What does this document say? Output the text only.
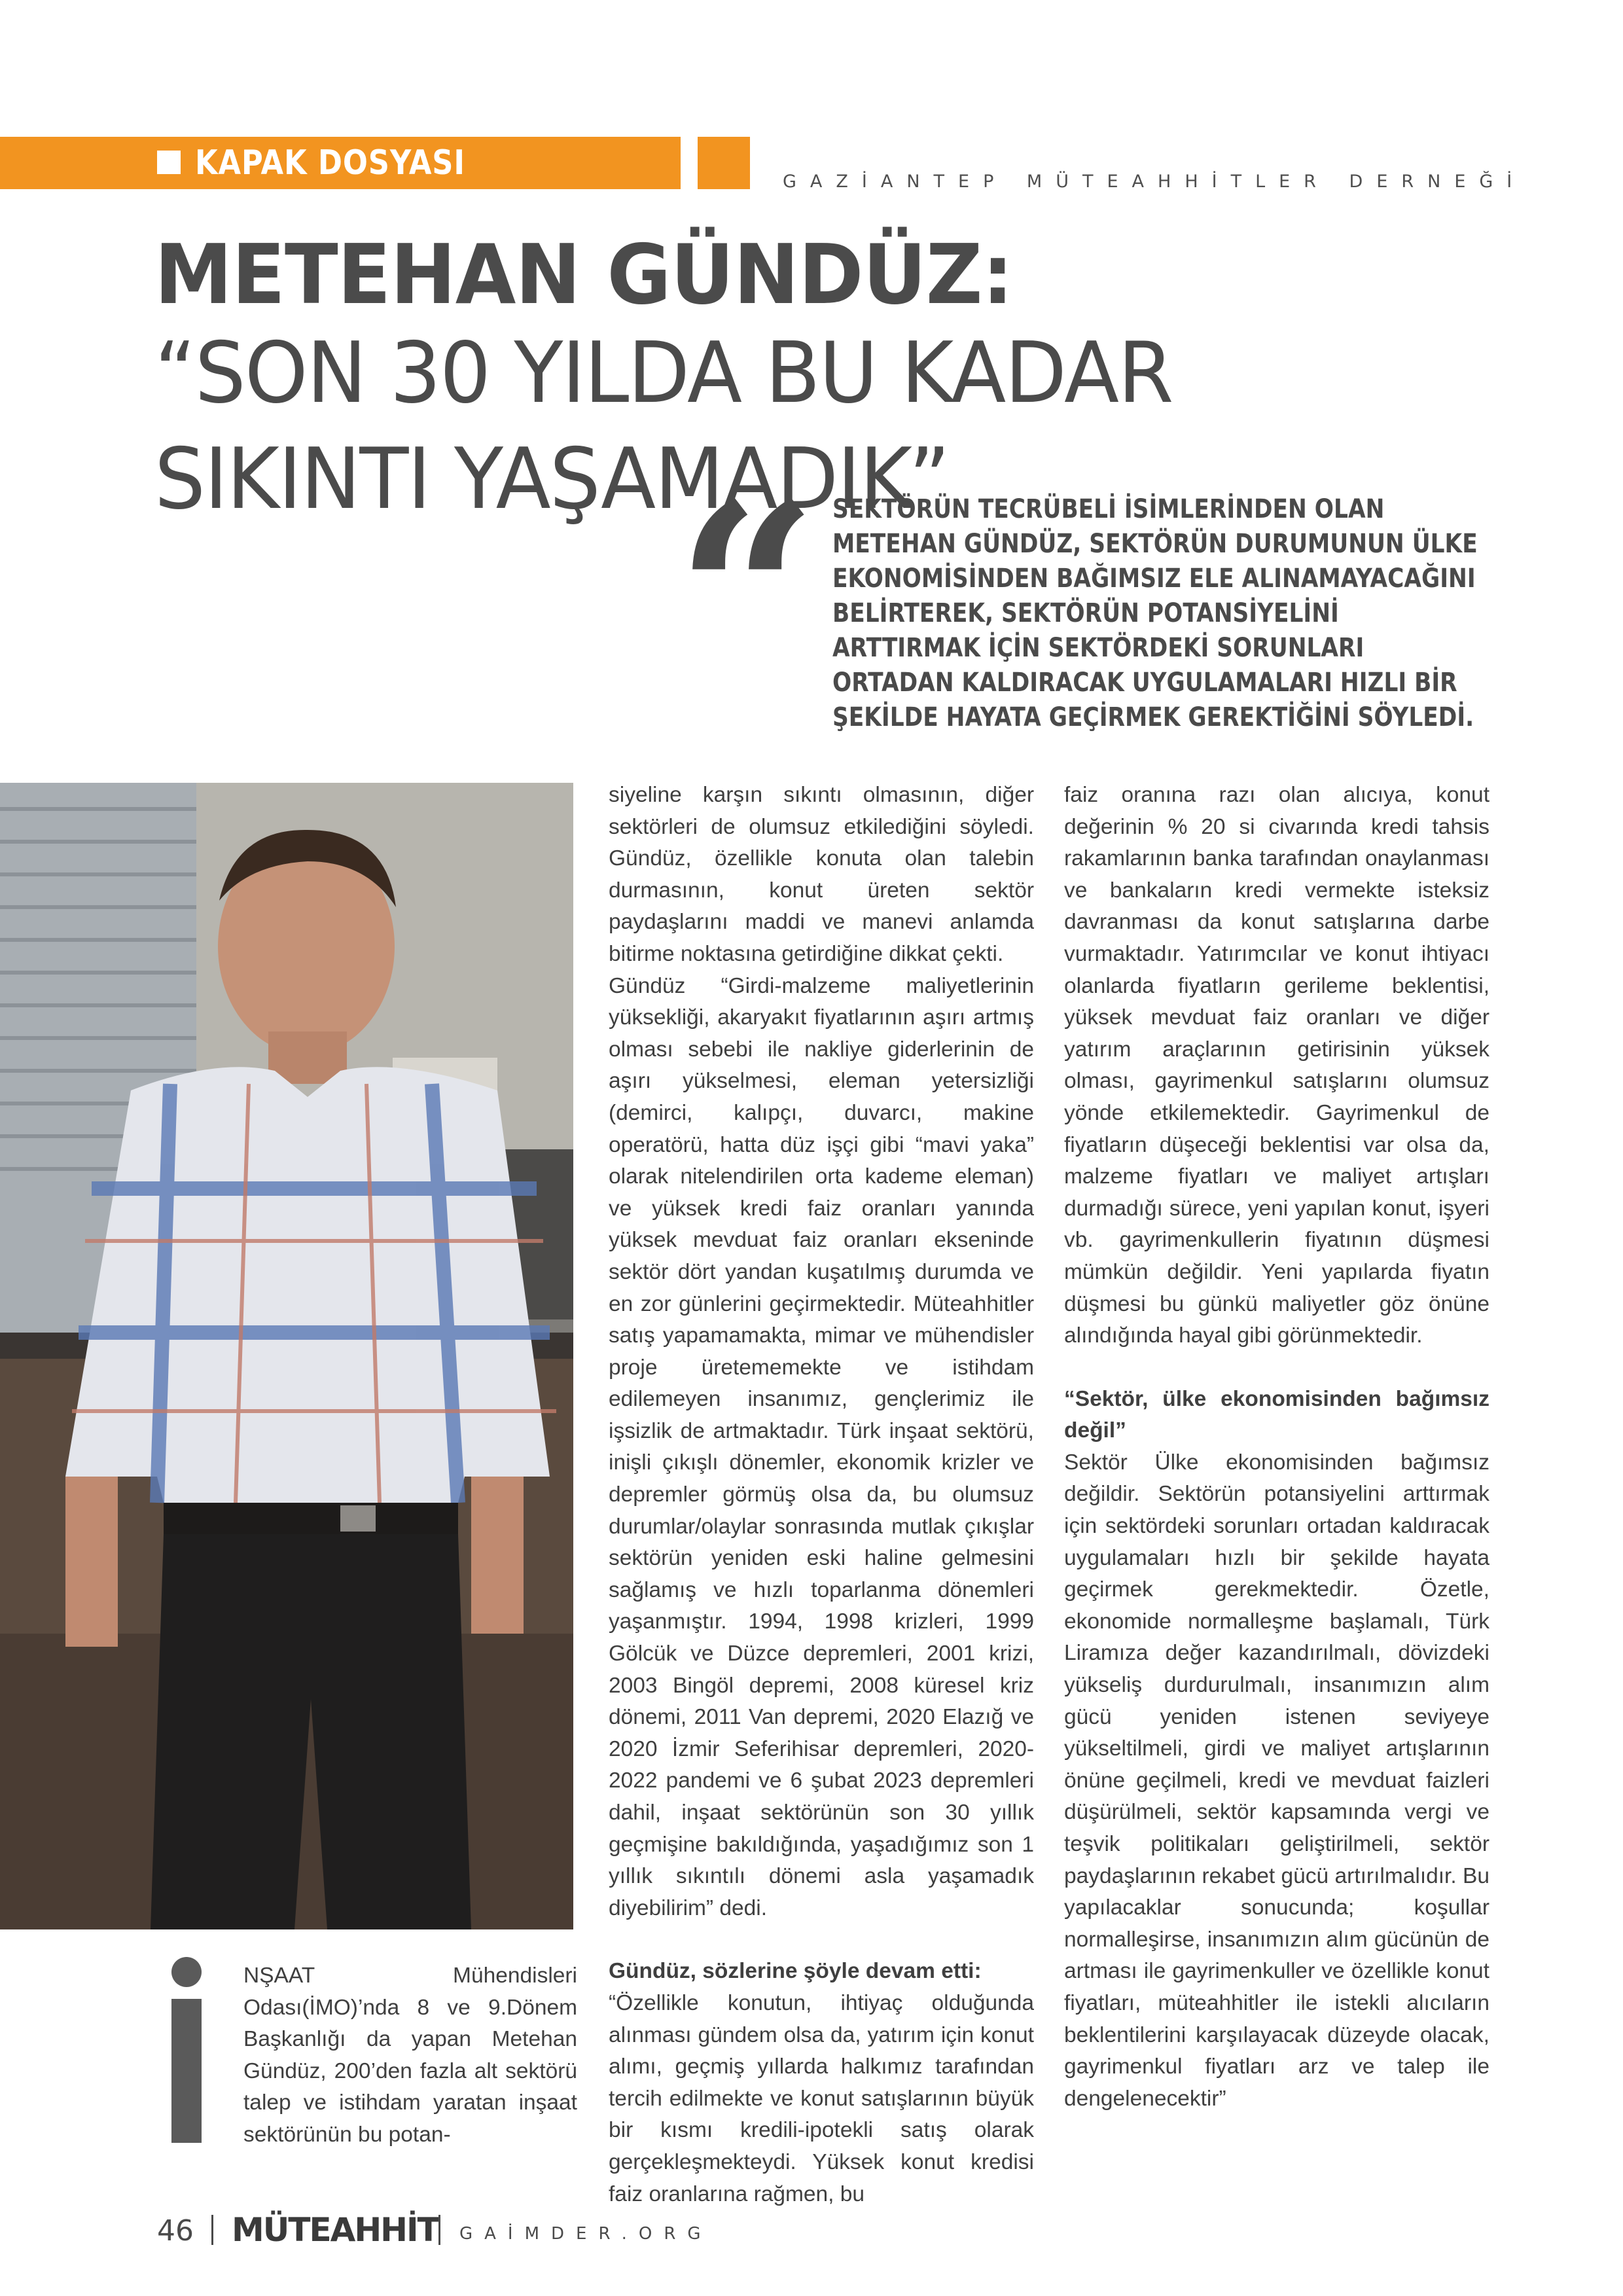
KAPAK DOSYASI	GAZİANTEP MÜTEAHHİTLER DERNEĞİ
METEHAN GÜNDÜZ:
“SON 30 YILDA BU KADAR SIKINTI YAŞAMADIK”
“ SEKTÖRÜN TECRÜBELİ İSİMLERİNDEN OLAN METEHAN GÜNDÜZ, SEKTÖRÜN DURUMUNUN ÜLKE EKONOMİSİNDEN BAĞIMSIZ ELE ALINAMAYACAĞINI BELİRTEREK, SEKTÖRÜN POTANSİYELİNİ ARTTIRMAK İÇİN SEKTÖRDEKİ SORUNLARI ORTADAN KALDIRACAK UYGULAMALARI HIZLI BİR ŞEKİLDE HAYATA GEÇİRMEK GEREKTİĞİNİ SÖYLEDİ.

NŞAAT Mühendisleri Odası(İMO)’nda 8 ve 9.Dönem Başkanlığı da yapan Metehan Gündüz, 200’den fazla alt sektörü talep ve istihdam yaratan inşaat sektörünün bu potan-

siyeline karşın sıkıntı olmasının, diğer sektörleri de olumsuz etkilediğini söyledi. Gündüz, özellikle konuta olan talebin durmasının, konut üreten sektör paydaşlarını maddi ve manevi anlamda bitirme noktasına getirdiğine dikkat çekti.

Gündüz “Girdi-malzeme maliyetlerinin yüksekliği, akaryakıt fiyatlarının aşırı artmış olması sebebi ile nakliye giderlerinin de aşırı yükselmesi, eleman yetersizliği (demirci, kalıpçı, duvarcı, makine operatörü, hatta düz işçi gibi “mavi yaka” olarak nitelendirilen orta kademe eleman) ve yüksek kredi faiz oranları yanında yüksek mevduat faiz oranları ekseninde sektör dört yandan kuşatılmış durumda ve en zor günlerini geçirmektedir. Müteahhitler satış yapamamakta, mimar ve mühendisler proje üretememekte ve istihdam edilemeyen insanımız, gençlerimiz ile işsizlik de artmaktadır. Türk inşaat sektörü, inişli çıkışlı dönemler, ekonomik krizler ve depremler görmüş olsa da, bu olumsuz durumlar/olaylar sonrasında mutlak çıkışlar sektörün yeniden eski haline gelmesini sağlamış ve hızlı toparlanma dönemleri yaşanmıştır. 1994, 1998 krizleri, 1999 Gölcük ve Düzce depremleri, 2001 krizi, 2003 Bingöl depremi, 2008 küresel kriz dönemi, 2011 Van depremi, 2020 Elazığ ve 2020 İzmir Seferihisar depremleri, 2020-2022 pandemi ve 6 şubat 2023 depremleri dahil, inşaat sektörünün son 30 yıllık geçmişine bakıldığında, yaşadığımız son 1 yıllık sıkıntılı dönemi asla yaşamadık diyebilirim” dedi.

Gündüz, sözlerine şöyle devam etti:

“Özellikle konutun, ihtiyaç olduğunda alınması gündem olsa da, yatırım için konut alımı, geçmiş yıllarda halkımız tarafından tercih edilmekte ve konut satışlarının büyük bir kısmı kredili-ipotekli satış olarak gerçekleşmekteydi. Yüksek konut kredisi faiz oranlarına rağmen, bu

faiz oranına razı olan alıcıya, konut değerinin % 20 si civarında kredi tahsis rakamlarının banka tarafından onaylanması ve bankaların kredi vermekte isteksiz davranması da konut satışlarına darbe vurmaktadır. Yatırımcılar ve konut ihtiyacı olanlarda fiyatların gerileme beklentisi, yüksek mevduat faiz oranları ve diğer yatırım araçlarının getirisinin yüksek olması, gayrimenkul satışlarını olumsuz yönde etkilemektedir. Gayrimenkul de fiyatların düşeceği beklentisi var olsa da, malzeme fiyatları ve maliyet artışları durmadığı sürece, yeni yapılan konut, işyeri vb. gayrimenkullerin fiyatının düşmesi mümkün değildir. Yeni yapılarda fiyatın düşmesi bu günkü maliyetler göz önüne alındığında hayal gibi görünmektedir.

“Sektör, ülke ekonomisinden bağımsız değil”

Sektör Ülke ekonomisinden bağımsız değildir. Sektörün potansiyelini arttırmak için sektördeki sorunları ortadan kaldıracak uygulamaları hızlı bir şekilde hayata geçirmek gerekmektedir. Özetle, ekonomide normalleşme başlamalı, Türk Liramıza değer kazandırılmalı, dövizdeki yükseliş durdurulmalı, insanımızın alım gücü yeniden istenen seviyeye yükseltilmeli, girdi ve maliyet artışlarının önüne geçilmeli, kredi ve mevduat faizleri düşürülmeli, sektör kapsamında vergi ve teşvik politikaları geliştirilmeli, sektör paydaşlarının rekabet gücü artırılmalıdır. Bu yapılacaklar sonucunda; koşullar normalleşirse, insanımızın alım gücünün de artması ile gayrimenkuller ve özellikle konut fiyatları, müteahhitler ile istekli alıcıların beklentilerini karşılayacak düzeyde olacak, gayrimenkul fiyatları arz ve talep ile dengelenecektir”

46 MÜTEAHHİT GAİMDER.ORG
